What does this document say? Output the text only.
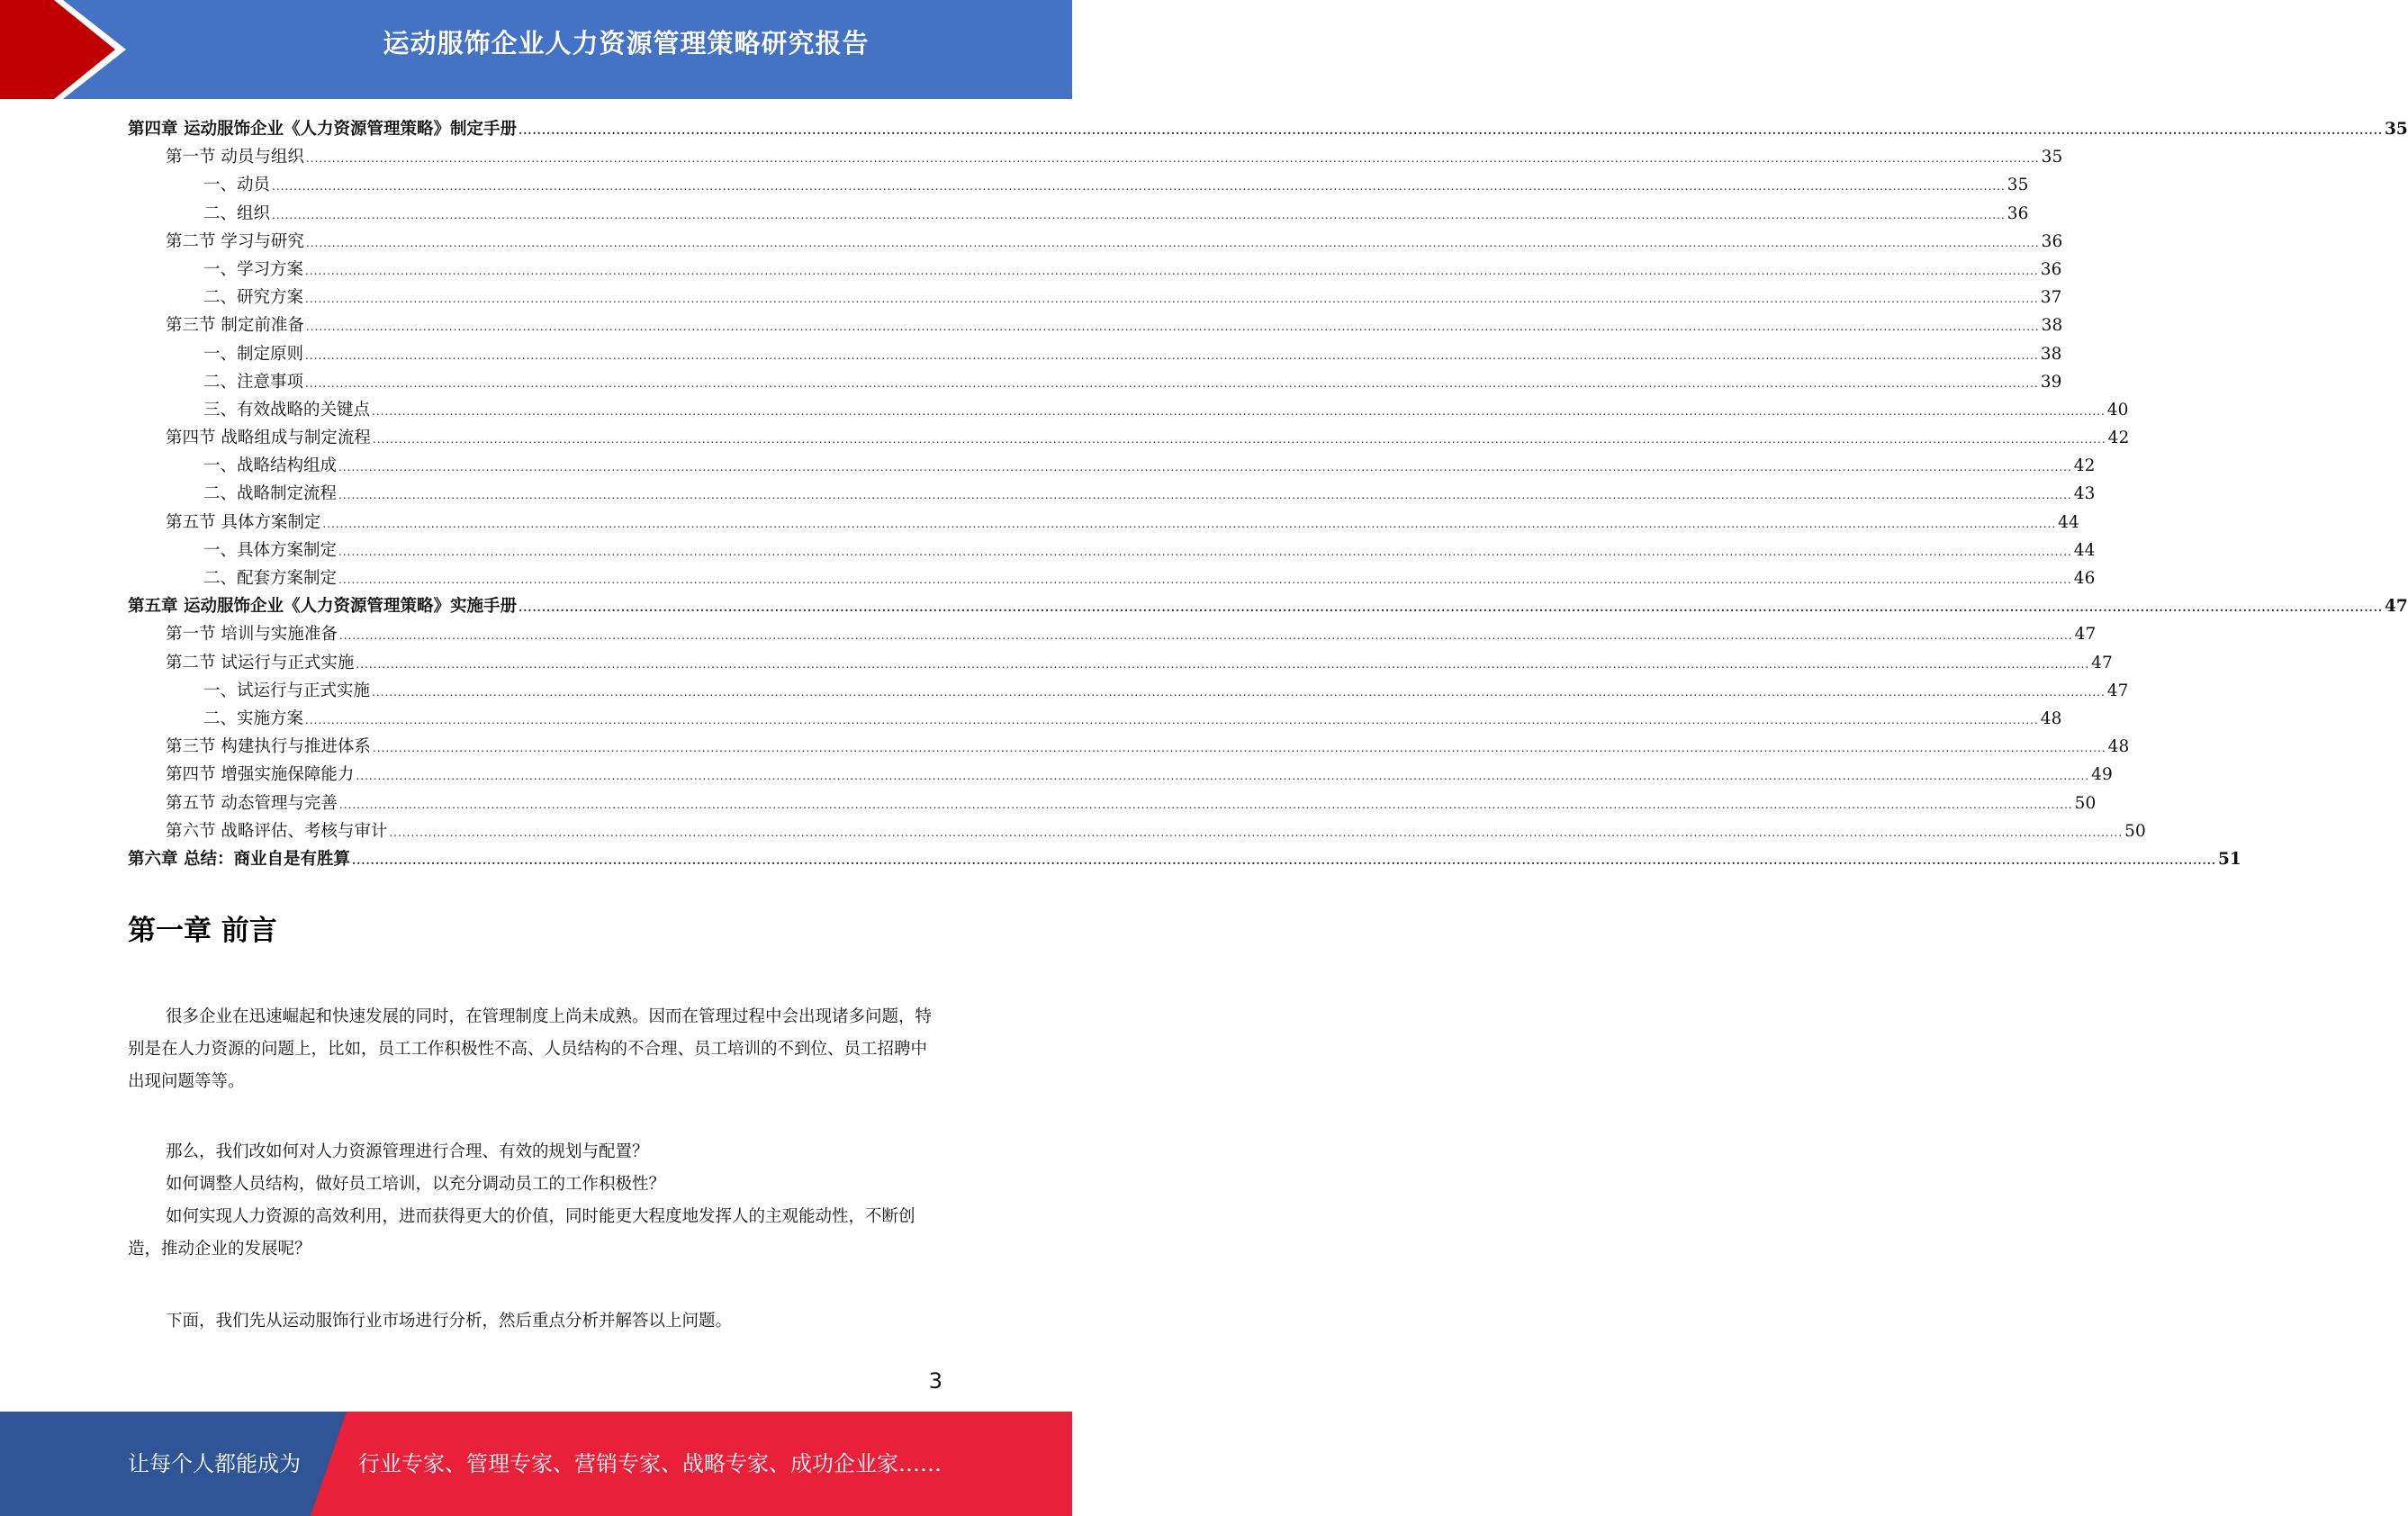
运动服饰企业人力资源管理策略研究报告
第四章 运动服饰企业《人力资源管理策略》制定手册 ................................................................................................................................................................................................................................................................................................................................................................................................................ 35
第一节 动员与组织 ................................................................................................................................................................................................................................................................................................................................................................................................................ 35
一、动员 ................................................................................................................................................................................................................................................................................................................................................................................................................ 35
二、组织 ................................................................................................................................................................................................................................................................................................................................................................................................................ 36
第二节 学习与研究 ................................................................................................................................................................................................................................................................................................................................................................................................................ 36
一、学习方案 ................................................................................................................................................................................................................................................................................................................................................................................................................ 36
二、研究方案 ................................................................................................................................................................................................................................................................................................................................................................................................................ 37
第三节 制定前准备 ................................................................................................................................................................................................................................................................................................................................................................................................................ 38
一、制定原则 ................................................................................................................................................................................................................................................................................................................................................................................................................ 38
二、注意事项 ................................................................................................................................................................................................................................................................................................................................................................................................................ 39
三、有效战略的关键点 ................................................................................................................................................................................................................................................................................................................................................................................................................ 40
第四节 战略组成与制定流程 ................................................................................................................................................................................................................................................................................................................................................................................................................ 42
一、战略结构组成 ................................................................................................................................................................................................................................................................................................................................................................................................................ 42
二、战略制定流程 ................................................................................................................................................................................................................................................................................................................................................................................................................ 43
第五节 具体方案制定 ................................................................................................................................................................................................................................................................................................................................................................................................................ 44
一、具体方案制定 ................................................................................................................................................................................................................................................................................................................................................................................................................ 44
二、配套方案制定 ................................................................................................................................................................................................................................................................................................................................................................................................................ 46
第五章 运动服饰企业《人力资源管理策略》实施手册 ................................................................................................................................................................................................................................................................................................................................................................................................................ 47
第一节 培训与实施准备 ................................................................................................................................................................................................................................................................................................................................................................................................................ 47
第二节 试运行与正式实施 ................................................................................................................................................................................................................................................................................................................................................................................................................ 47
一、试运行与正式实施 ................................................................................................................................................................................................................................................................................................................................................................................................................ 47
二、实施方案 ................................................................................................................................................................................................................................................................................................................................................................................................................ 48
第三节 构建执行与推进体系 ................................................................................................................................................................................................................................................................................................................................................................................................................ 48
第四节 增强实施保障能力 ................................................................................................................................................................................................................................................................................................................................................................................................................ 49
第五节 动态管理与完善 ................................................................................................................................................................................................................................................................................................................................................................................................................ 50
第六节 战略评估、考核与审计 ................................................................................................................................................................................................................................................................................................................................................................................................................ 50
第六章 总结：商业自是有胜算 ................................................................................................................................................................................................................................................................................................................................................................................................................ 51
第一章 前言

很多企业在迅速崛起和快速发展的同时，在管理制度上尚未成熟。因而在管理过程中会出现诸多问题，特别是在人力资源的问题上，比如，员工工作积极性不高、人员结构的不合理、员工培训的不到位、员工招聘中出现问题等等。

那么，我们改如何对人力资源管理进行合理、有效的规划与配置？

如何调整人员结构，做好员工培训，以充分调动员工的工作积极性？

如何实现人力资源的高效利用，进而获得更大的价值，同时能更大程度地发挥人的主观能动性，不断创造，推动企业的发展呢？

下面，我们先从运动服饰行业市场进行分析，然后重点分析并解答以上问题。

3
让每个人都能成为	行业专家、管理专家、营销专家、战略专家、成功企业家……
